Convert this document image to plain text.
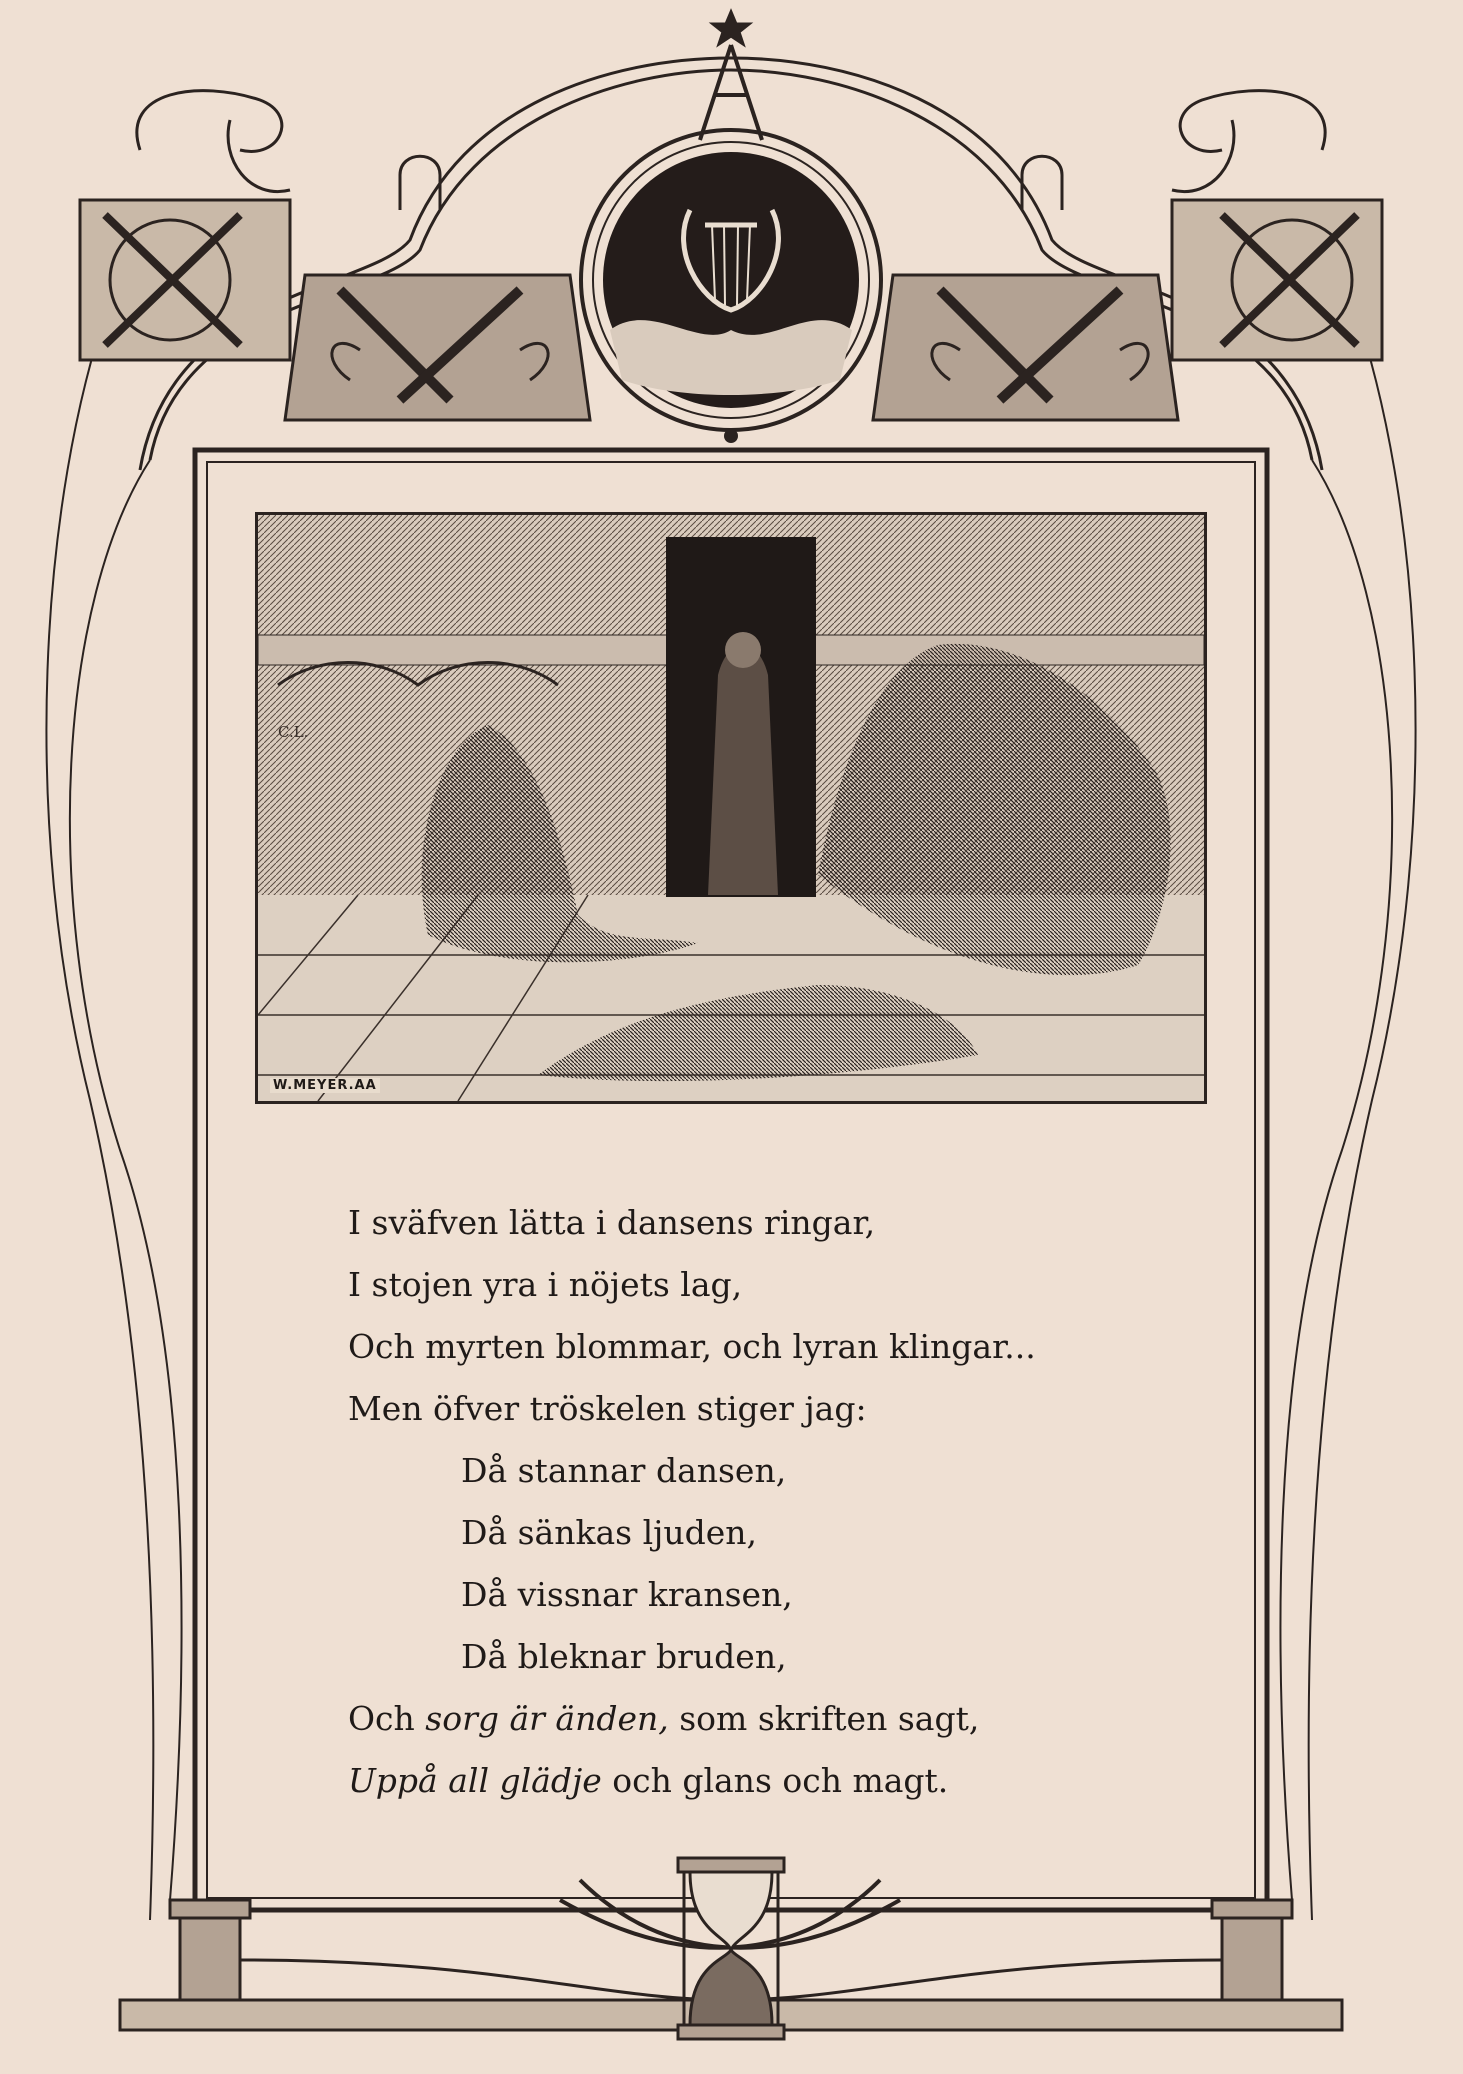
C.L.
W.MEYER.AA
I sväfven lätta i dansens ringar,
I stojen yra i nöjets lag,
Och myrten blommar, och lyran klingar...
Men öfver tröskelen stiger jag:
Då stannar dansen,
Då sänkas ljuden,
Då vissnar kransen,
Då bleknar bruden,
Och sorg är änden, som skriften sagt,
Uppå all glädje och glans och magt.
